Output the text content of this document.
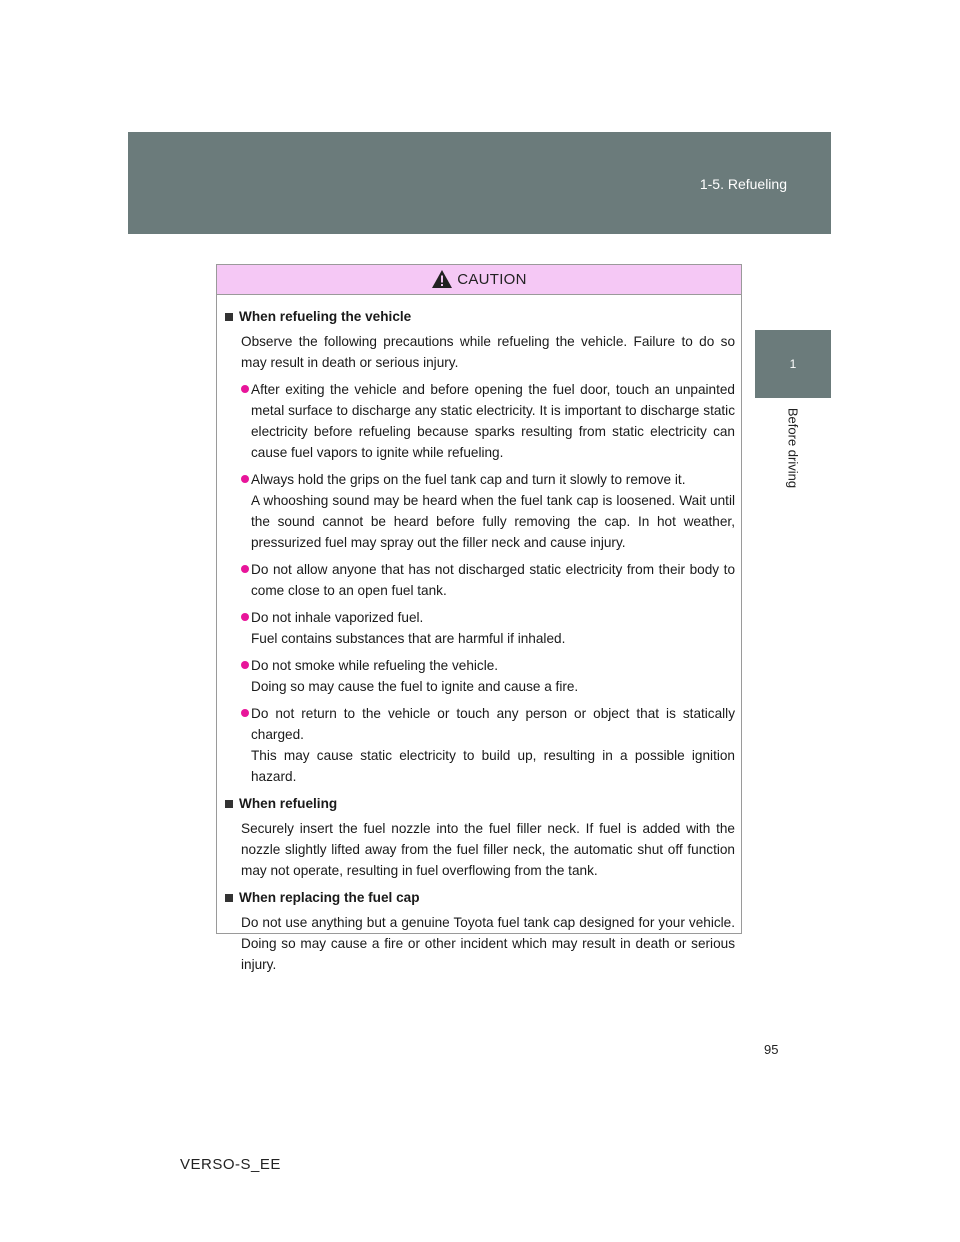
1-5. Refueling
1
Before driving
CAUTION
When refueling the vehicle
Observe the following precautions while refueling the vehicle. Failure to do so may result in death or serious injury.

After exiting the vehicle and before opening the fuel door, touch an unpainted metal surface to discharge any static electricity. It is important to discharge static electricity before refueling because sparks resulting from static electricity can cause fuel vapors to ignite while refueling.

Always hold the grips on the fuel tank cap and turn it slowly to remove it.

A whooshing sound may be heard when the fuel tank cap is loosened. Wait until the sound cannot be heard before fully removing the cap. In hot weather, pressurized fuel may spray out the filler neck and cause injury.

Do not allow anyone that has not discharged static electricity from their body to come close to an open fuel tank.

Do not inhale vaporized fuel.

Fuel contains substances that are harmful if inhaled.

Do not smoke while refueling the vehicle.

Doing so may cause the fuel to ignite and cause a fire.

Do not return to the vehicle or touch any person or object that is statically charged.

This may cause static electricity to build up, resulting in a possible ignition hazard.

When refueling
Securely insert the fuel nozzle into the fuel filler neck. If fuel is added with the nozzle slightly lifted away from the fuel filler neck, the automatic shut off function may not operate, resulting in fuel overflowing from the tank.
When replacing the fuel cap
Do not use anything but a genuine Toyota fuel tank cap designed for your vehicle. Doing so may cause a fire or other incident which may result in death or serious injury.
95
VERSO-S_EE
